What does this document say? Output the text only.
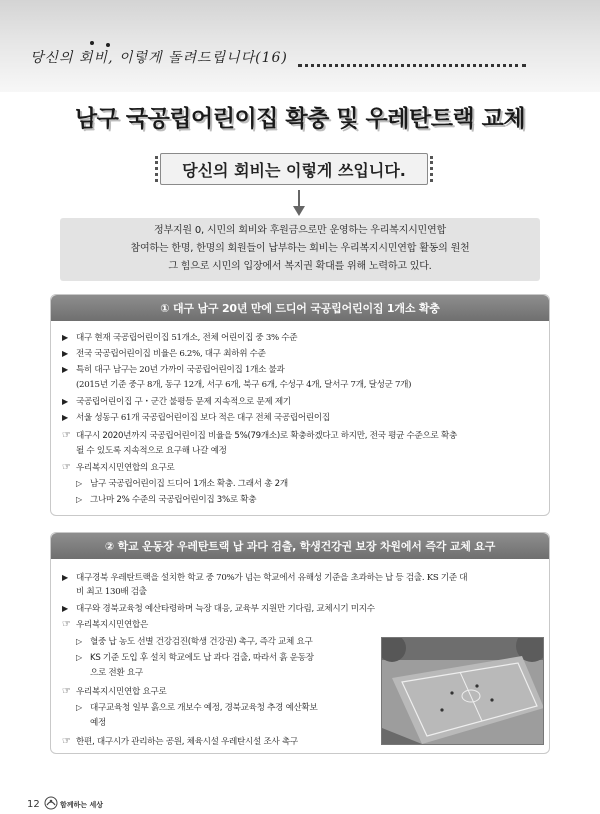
당신의 회비, 이렇게 돌려드립니다(16)
남구 국공립어린이집 확충 및 우레탄트랙 교체
당신의 회비는 이렇게 쓰입니다.
정부지원 0, 시민의 회비와 후원금으로만 운영하는 우리복지시민연합
참여하는 한명, 한명의 회원들이 납부하는 회비는 우리복지시민연합 활동의 원천
그 힘으로 시민의 입장에서 복지권 확대를 위해 노력하고 있다.
① 대구 남구 20년 만에 드디어 국공립어린이집 1개소 확충
▶ 대구 현재 국공립어린이집 51개소, 전체 어린이집 중 3% 수준
▶ 전국 국공립어린이집 비율은 6.2%, 대구 최하위 수준
▶ 특히 대구 남구는 20년 가까이 국공립어린이집 1개소 불과
(2015년 기준 중구 8개, 동구 12개, 서구 6개, 북구 6개, 수성구 4개, 달서구 7개, 달성군 7개)
▶ 국공립어린이집 구・군간 불평등 문제 지속적으로 문제 제기
▶ 서울 성동구 61개 국공립어린이집 보다 적은 대구 전체 국공립어린이집
☞ 대구시 2020년까지 국공립어린이집 비율을 5%(79개소)로 확충하겠다고 하지만, 전국 평균 수준으로 확충
될 수 있도록 지속적으로 요구해 나갈 예정
☞ 우리복지시민연합의 요구로
▷ 남구 국공립어린이집 드디어 1개소 확충. 그래서 총 2개
▷ 그나마 2% 수준의 국공립어린이집 3%로 확충
② 학교 운동장 우레탄트랙 납 과다 검출, 학생건강권 보장 차원에서 즉각 교체 요구
▶ 대구경북 우레탄트랙을 설치한 학교 중 70%가 넘는 학교에서 유해성 기준을 초과하는 납 등 검출. KS 기준 대
비 최고 130배 검출
▶ 대구와 경북교육청 예산타령하며 늑장 대응, 교육부 지원만 기다림, 교체시기 미지수
☞ 우리복지시민연합은
▷ 혈중 납 농도 선별 건강검진(학생 건강권) 촉구, 즉각 교체 요구
▷ KS 기준 도입 후 설치 학교에도 납 과다 검출, 따라서 흙 운동장
으로 전환 요구
☞ 우리복지시민연합 요구로
▷ 대구교육청 일부 흙으로 개보수 예정, 경북교육청 추경 예산확보
예정
☞ 한편, 대구시가 관리하는 공원, 체육시설 우레탄시설 조사 촉구
12	함께하는 세상
